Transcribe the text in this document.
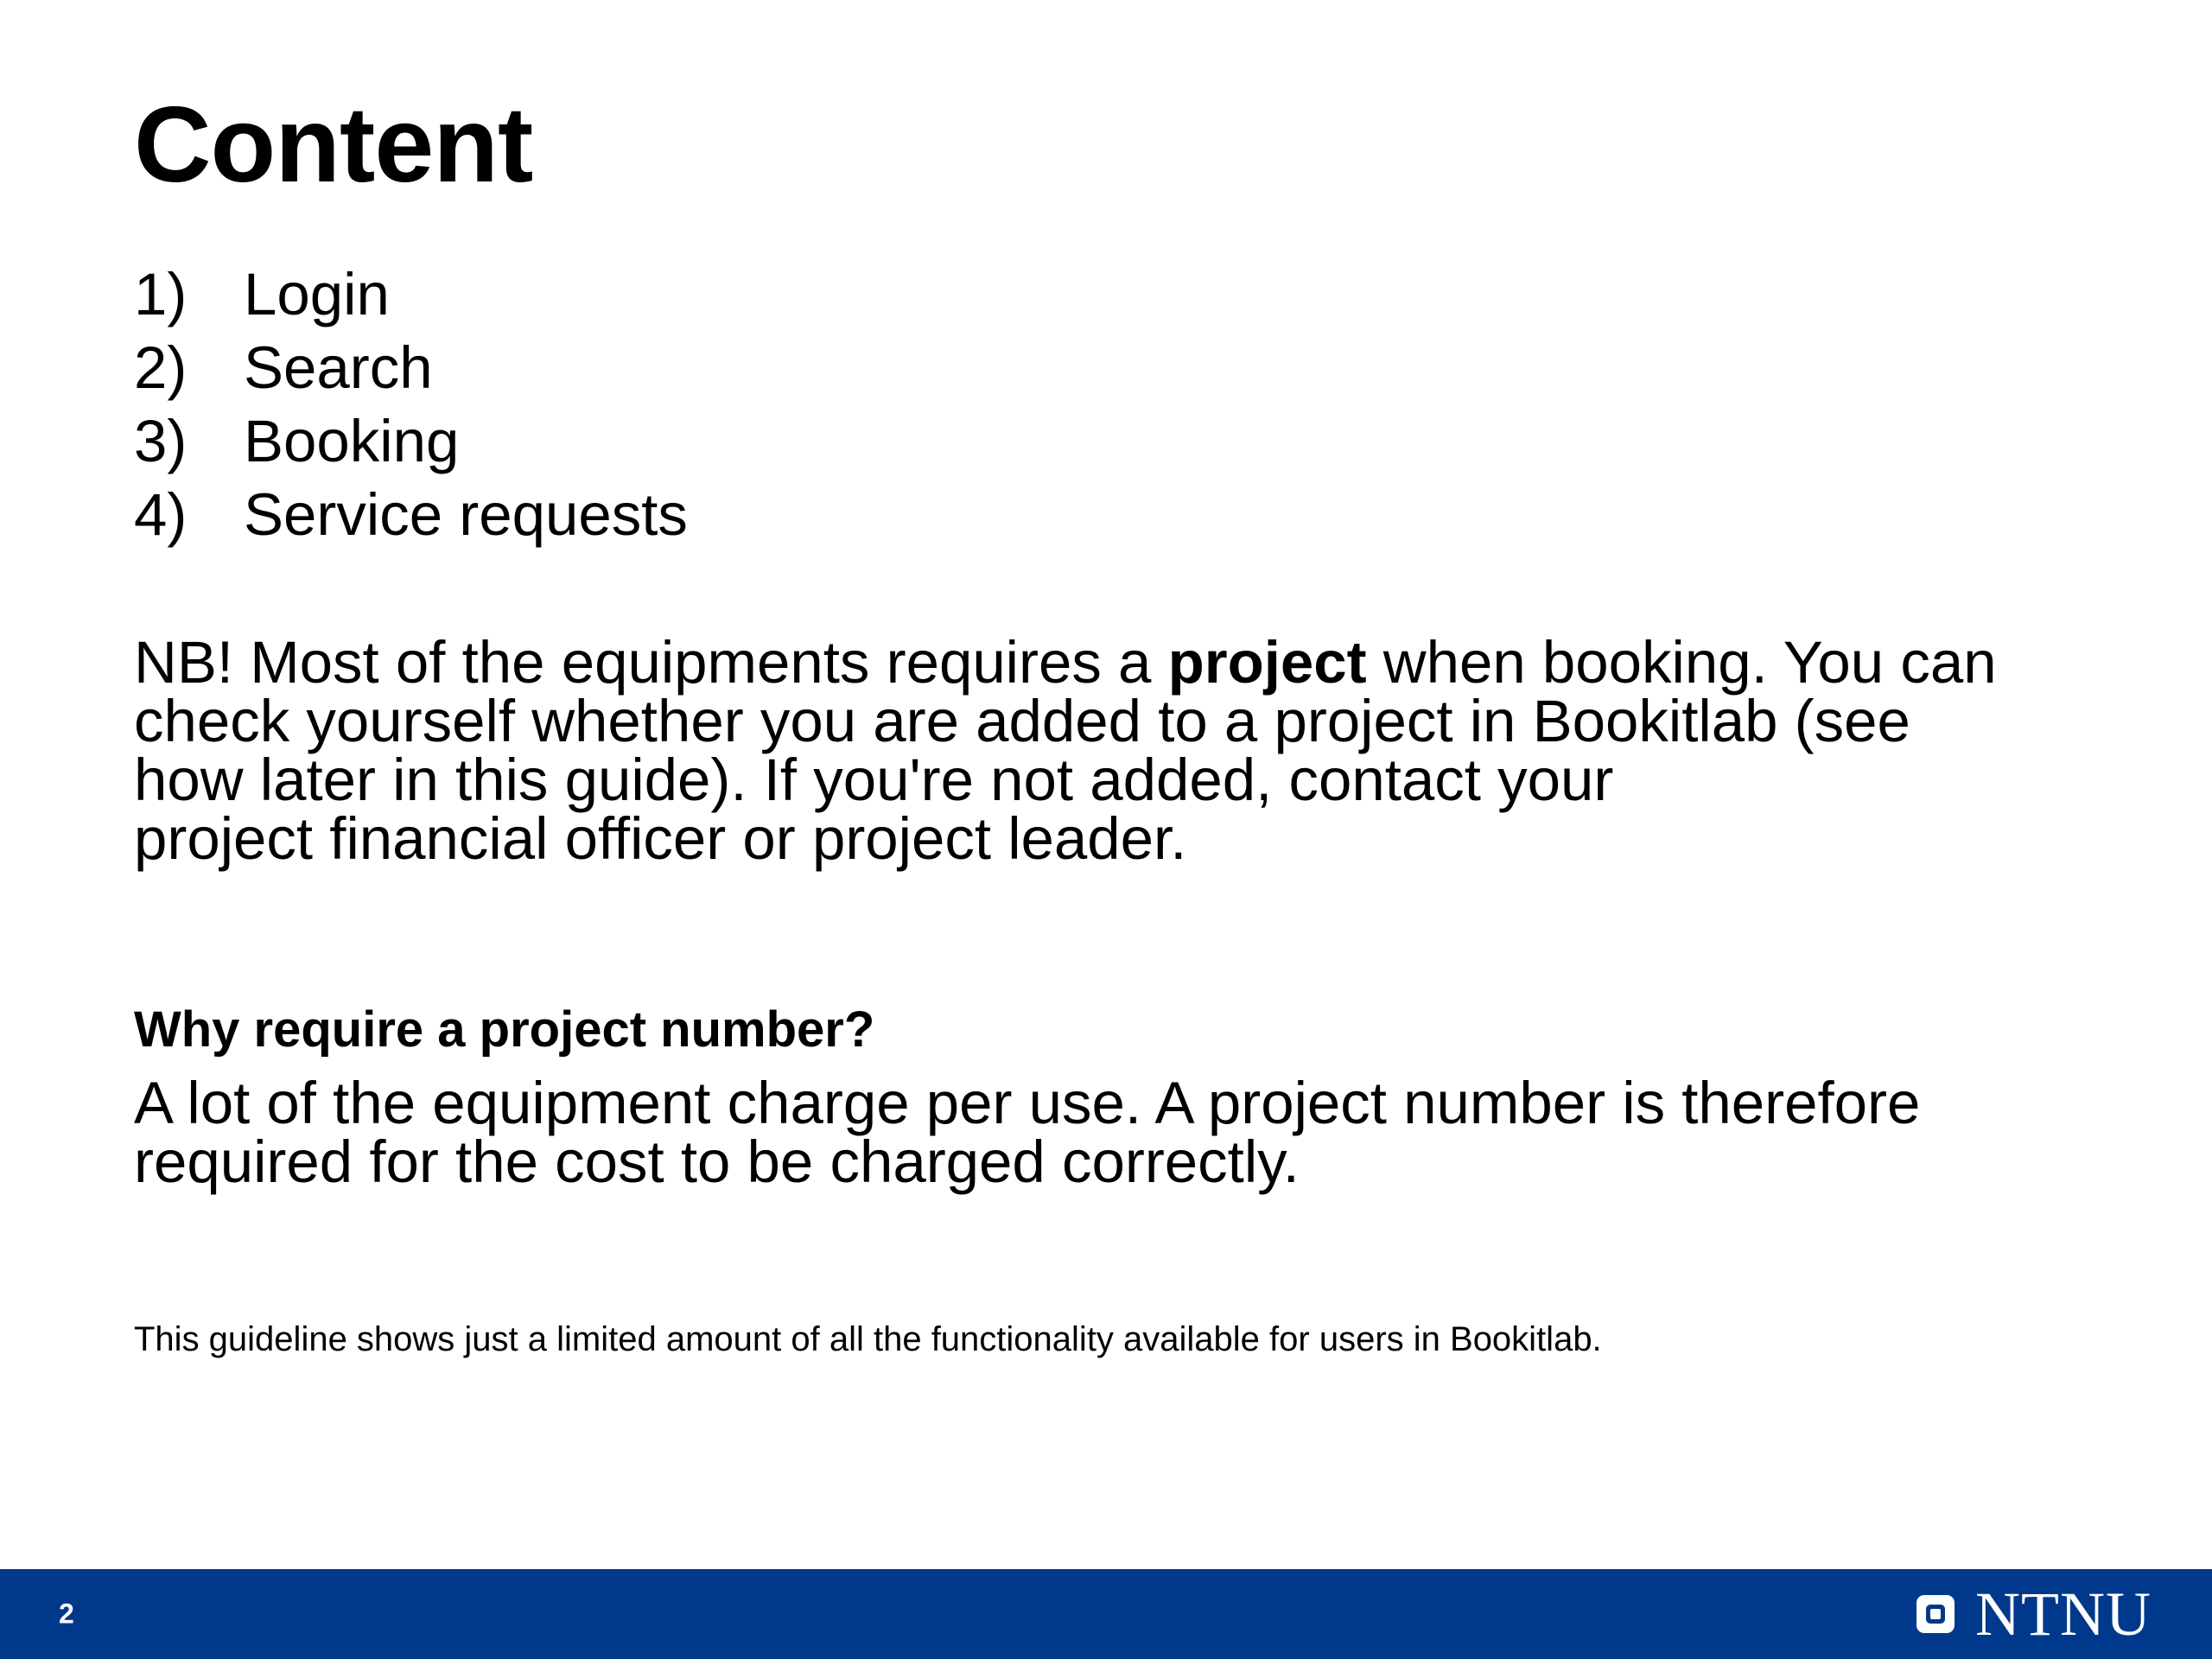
Content
1) Login
2) Search
3) Booking
4) Service requests

NB! Most of the equipments requires a project when booking. You can
check yourself whether you are added to a project in Bookitlab (see
how later in this guide). If you're not added, contact your
project financial officer or project leader.

Why require a project number?

A lot of the equipment charge per use. A project number is therefore
required for the cost to be charged correctly.

This guideline shows just a limited amount of all the functionality available for users in Bookitlab.

2	NTNU
